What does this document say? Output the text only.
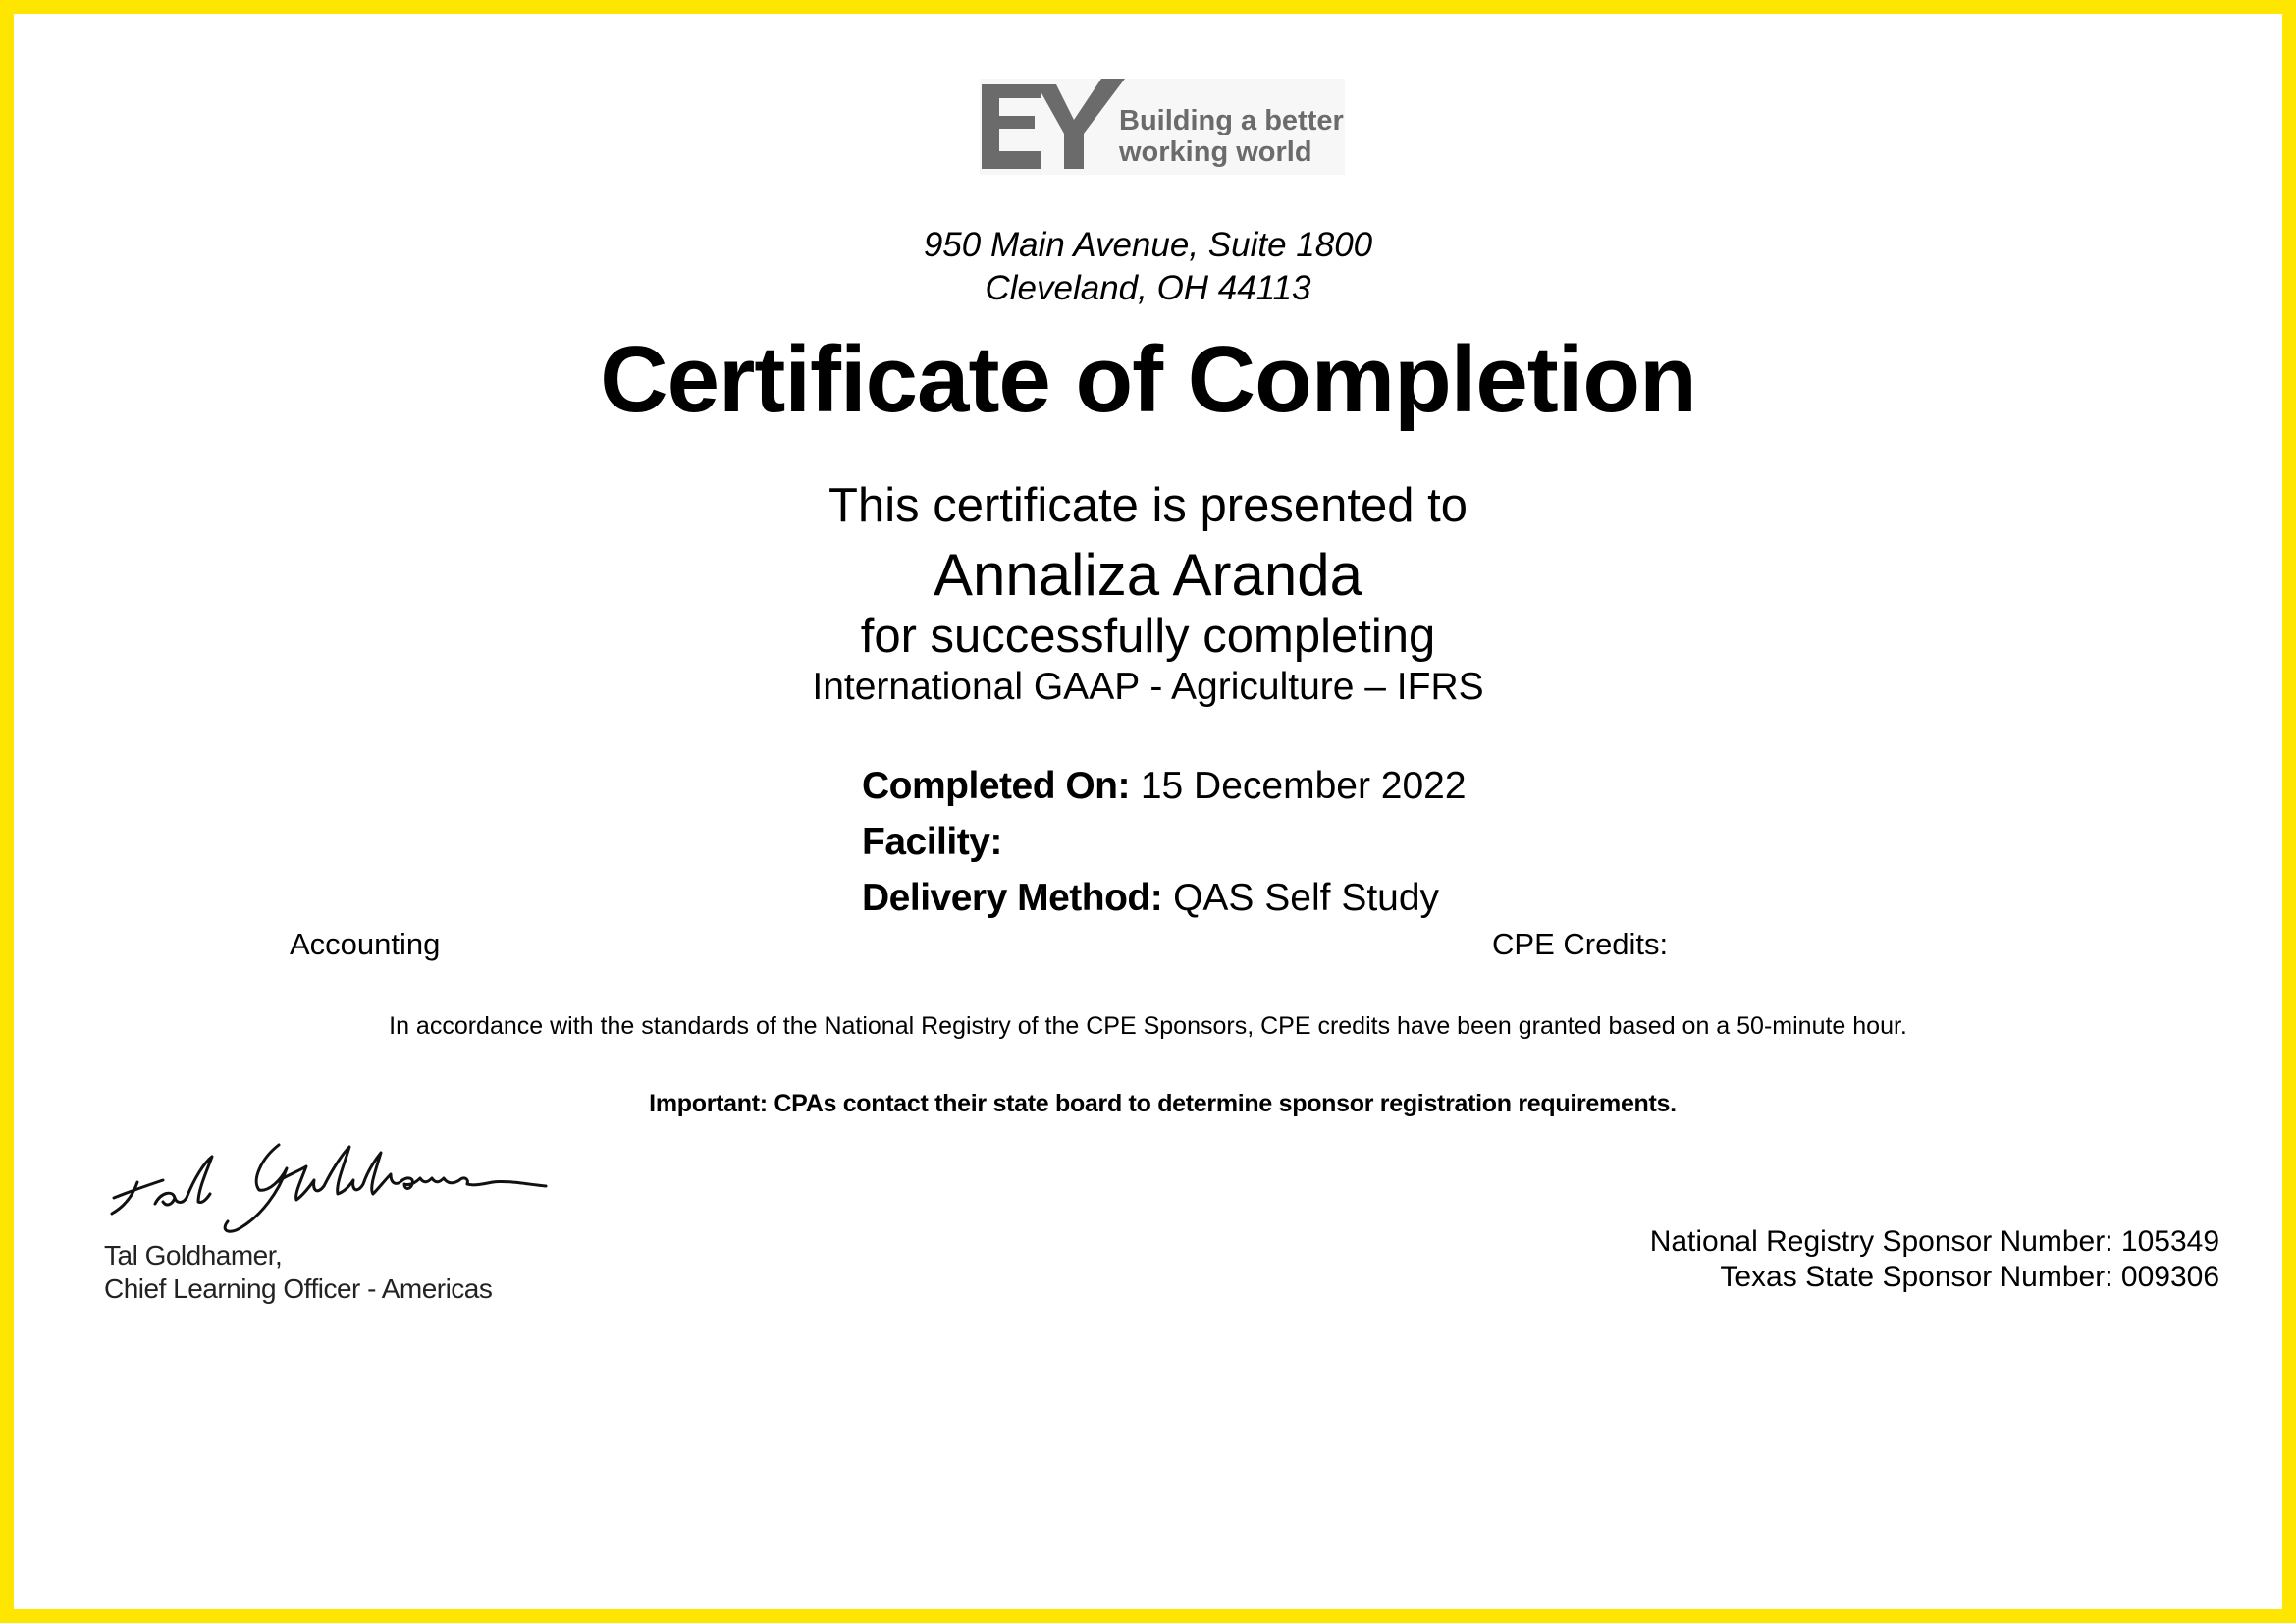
Building a better
working world
950 Main Avenue, Suite 1800
Cleveland, OH 44113
Certificate of Completion
This certificate is presented to
Annaliza Aranda
for successfully completing
International GAAP - Agriculture – IFRS
Completed On: 15 December 2022
Facility:
Delivery Method: QAS Self Study
Accounting	CPE Credits:
In accordance with the standards of the National Registry of the CPE Sponsors, CPE credits have been granted based on a 50-minute hour.
Important: CPAs contact their state board to determine sponsor registration requirements.
Tal Goldhamer,
Chief Learning Officer - Americas
National Registry Sponsor Number: 105349
Texas State Sponsor Number: 009306
